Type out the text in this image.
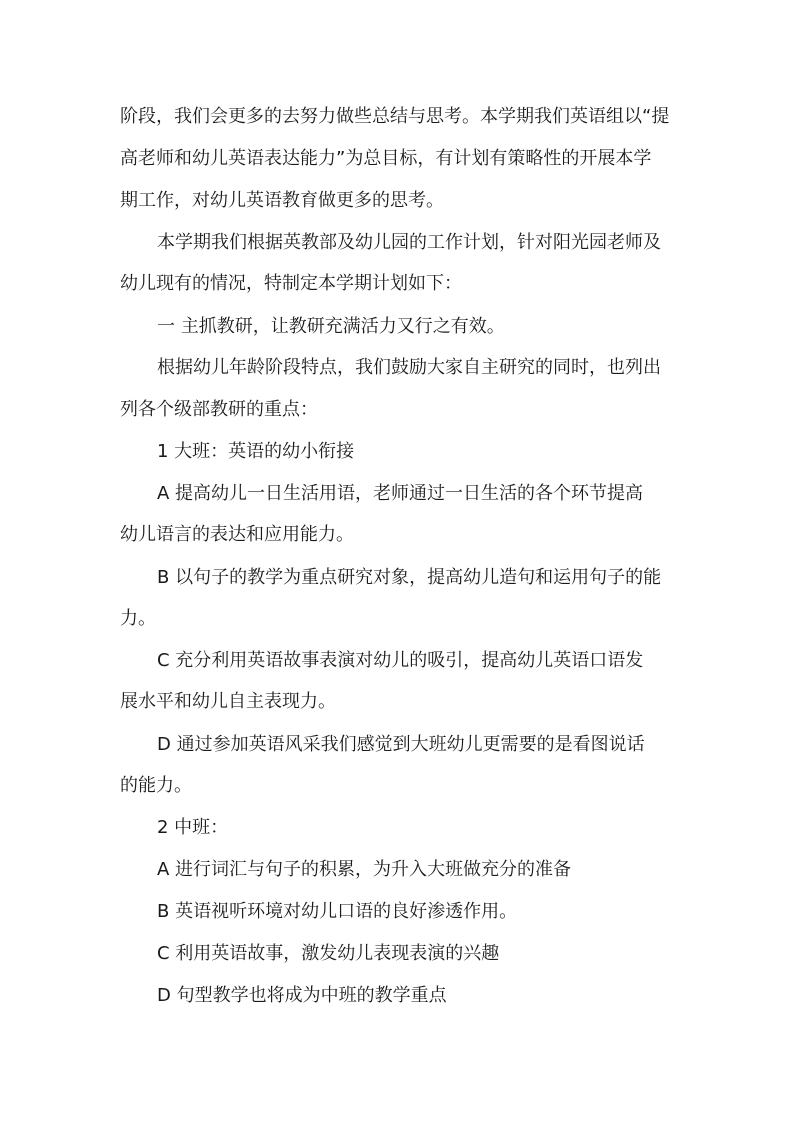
阶段，我们会更多的去努力做些总结与思考。本学期我们英语组以“提
高老师和幼儿英语表达能力”为总目标，有计划有策略性的开展本学
期工作，对幼儿英语教育做更多的思考。
本学期我们根据英教部及幼儿园的工作计划，针对阳光园老师及
幼儿现有的情况，特制定本学期计划如下：
一 主抓教研，让教研充满活力又行之有效。
根据幼儿年龄阶段特点，我们鼓励大家自主研究的同时，也列出
列各个级部教研的重点：
1 大班：英语的幼小衔接
A 提高幼儿一日生活用语，老师通过一日生活的各个环节提高
幼儿语言的表达和应用能力。
B 以句子的教学为重点研究对象，提高幼儿造句和运用句子的能
力。
C 充分利用英语故事表演对幼儿的吸引，提高幼儿英语口语发
展水平和幼儿自主表现力。
D 通过参加英语风采我们感觉到大班幼儿更需要的是看图说话
的能力。
2 中班：
A 进行词汇与句子的积累，为升入大班做充分的准备
B 英语视听环境对幼儿口语的良好渗透作用。
C 利用英语故事，激发幼儿表现表演的兴趣
D 句型教学也将成为中班的教学重点
